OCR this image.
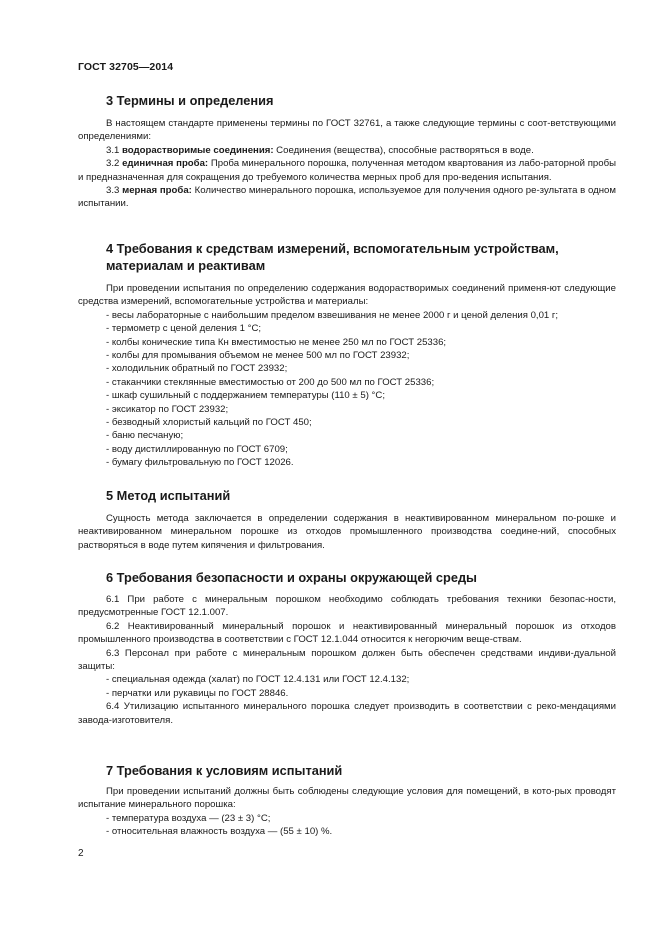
ГОСТ 32705—2014

3 Термины и определения

В настоящем стандарте применены термины по ГОСТ 32761, а также следующие термины с соот-ветствующими определениями:

3.1 водорастворимые соединения: Соединения (вещества), способные растворяться в воде.

3.2 единичная проба: Проба минерального порошка, полученная методом квартования из лабо-раторной пробы и предназначенная для сокращения до требуемого количества мерных проб для про-ведения испытания.

3.3 мерная проба: Количество минерального порошка, используемое для получения одного ре-зультата в одном испытании.

4 Требования к средствам измерений, вспомогательным устройствам,

материалам и реактивам

При проведении испытания по определению содержания водорастворимых соединений применя-ют следующие средства измерений, вспомогательные устройства и материалы:

- весы лабораторные с наибольшим пределом взвешивания не менее 2000 г и ценой деления 0,01 г;

- термометр с ценой деления 1 °С;

- колбы конические типа Кн вместимостью не менее 250 мл по ГОСТ 25336;

- колбы для промывания объемом не менее 500 мл по ГОСТ 23932;

- холодильник обратный по ГОСТ 23932;

- стаканчики стеклянные вместимостью от 200 до 500 мл по ГОСТ 25336;

- шкаф сушильный с поддержанием температуры (110 ± 5) °С;

- эксикатор по ГОСТ 23932;

- безводный хлористый кальций по ГОСТ 450;

- баню песчаную;

- воду дистиллированную по ГОСТ 6709;

- бумагу фильтровальную по ГОСТ 12026.

5 Метод испытаний

Сущность метода заключается в определении содержания в неактивированном минеральном по-рошке и неактивированном минеральном порошке из отходов промышленного производства соедине-ний, способных растворяться в воде путем кипячения и фильтрования.

6 Требования безопасности и охраны окружающей среды

6.1 При работе с минеральным порошком необходимо соблюдать требования техники безопас-ности, предусмотренные ГОСТ 12.1.007.

6.2 Неактивированный минеральный порошок и неактивированный минеральный порошок из отходов промышленного производства в соответствии с ГОСТ 12.1.044 относится к негорючим веще-ствам.

6.3 Персонал при работе с минеральным порошком должен быть обеспечен средствами индиви-дуальной защиты:

- специальная одежда (халат) по ГОСТ 12.4.131 или ГОСТ 12.4.132;

- перчатки или рукавицы по ГОСТ 28846.

6.4 Утилизацию испытанного минерального порошка следует производить в соответствии с реко-мендациями завода-изготовителя.

7 Требования к условиям испытаний

При проведении испытаний должны быть соблюдены следующие условия для помещений, в кото-рых проводят испытание минерального порошка:

- температура воздуха — (23 ± 3) °С;

- относительная влажность воздуха — (55 ± 10) %.

2
